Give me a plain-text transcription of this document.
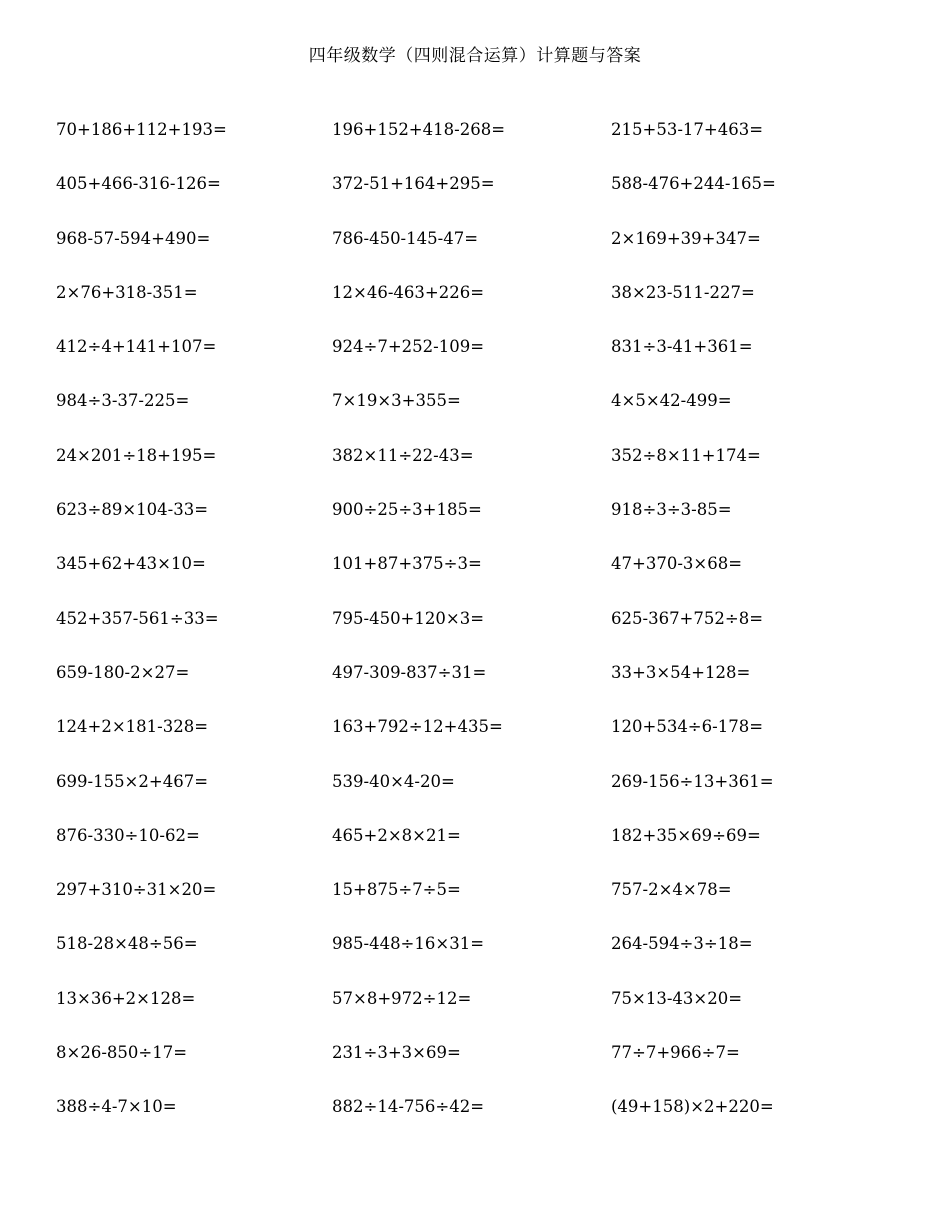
四年级数学（四则混合运算）计算题与答案
70+186+112+193=	196+152+418-268=	215+53-17+463=
405+466-316-126=	372-51+164+295=	588-476+244-165=
968-57-594+490=	786-450-145-47=	2×169+39+347=
2×76+318-351=	12×46-463+226=	38×23-511-227=
412÷4+141+107=	924÷7+252-109=	831÷3-41+361=
984÷3-37-225=	7×19×3+355=	4×5×42-499=
24×201÷18+195=	382×11÷22-43=	352÷8×11+174=
623÷89×104-33=	900÷25÷3+185=	918÷3÷3-85=
345+62+43×10=	101+87+375÷3=	47+370-3×68=
452+357-561÷33=	795-450+120×3=	625-367+752÷8=
659-180-2×27=	497-309-837÷31=	33+3×54+128=
124+2×181-328=	163+792÷12+435=	120+534÷6-178=
699-155×2+467=	539-40×4-20=	269-156÷13+361=
876-330÷10-62=	465+2×8×21=	182+35×69÷69=
297+310÷31×20=	15+875÷7÷5=	757-2×4×78=
518-28×48÷56=	985-448÷16×31=	264-594÷3÷18=
13×36+2×128=	57×8+972÷12=	75×13-43×20=
8×26-850÷17=	231÷3+3×69=	77÷7+966÷7=
388÷4-7×10=	882÷14-756÷42=	(49+158)×2+220=
